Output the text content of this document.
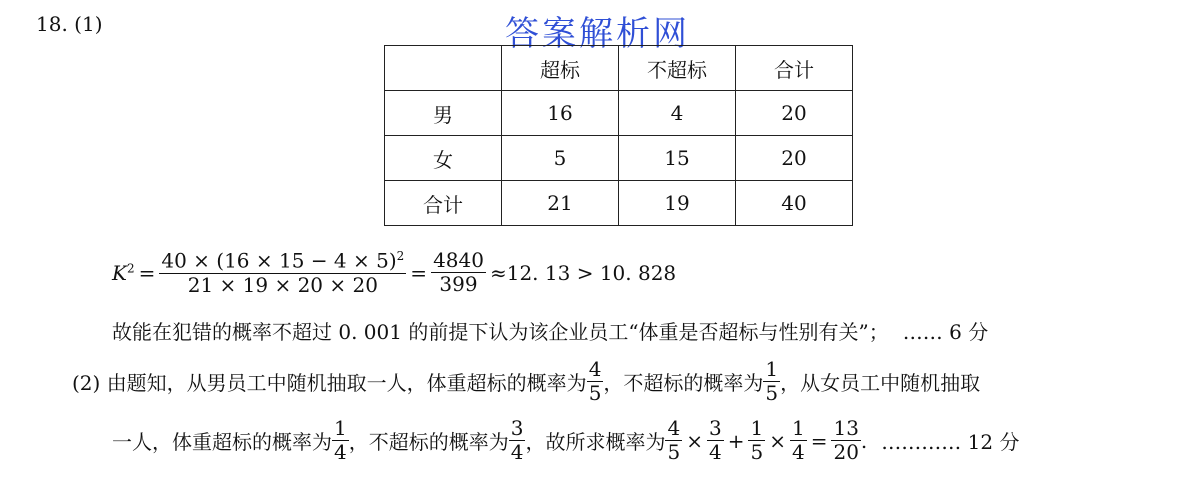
18. (1)	答案解析网
	超标	不超标	合计
男	16	4	20
女	5	15	20
合计	21	19	40
$K^2 = \frac{40 \times (16 \times 15 - 4 \times 5)^2}{21 \times 19 \times 20 \times 20} = \frac{4840}{399} \approx 12$. 13 > 10. 828
故能在犯错的概率不超过 0. 001 的前提下认为该企业员工“体重是否超标与性别有关”； …… 6 分
(2) 由题知，从男员工中随机抽取一人，体重超标的概率为 $\frac{4}{5}$ ，不超标的概率为 $\frac{1}{5}$ ，从女员工中随机抽取
一人，体重超标的概率为 $\frac{1}{4}$ ，不超标的概率为 $\frac{3}{4}$ ，故所求概率为 $\frac{4}{5} \times \frac{3}{4} + \frac{1}{5} \times \frac{1}{4} = \frac{13}{20}$ . ………… 12 分
